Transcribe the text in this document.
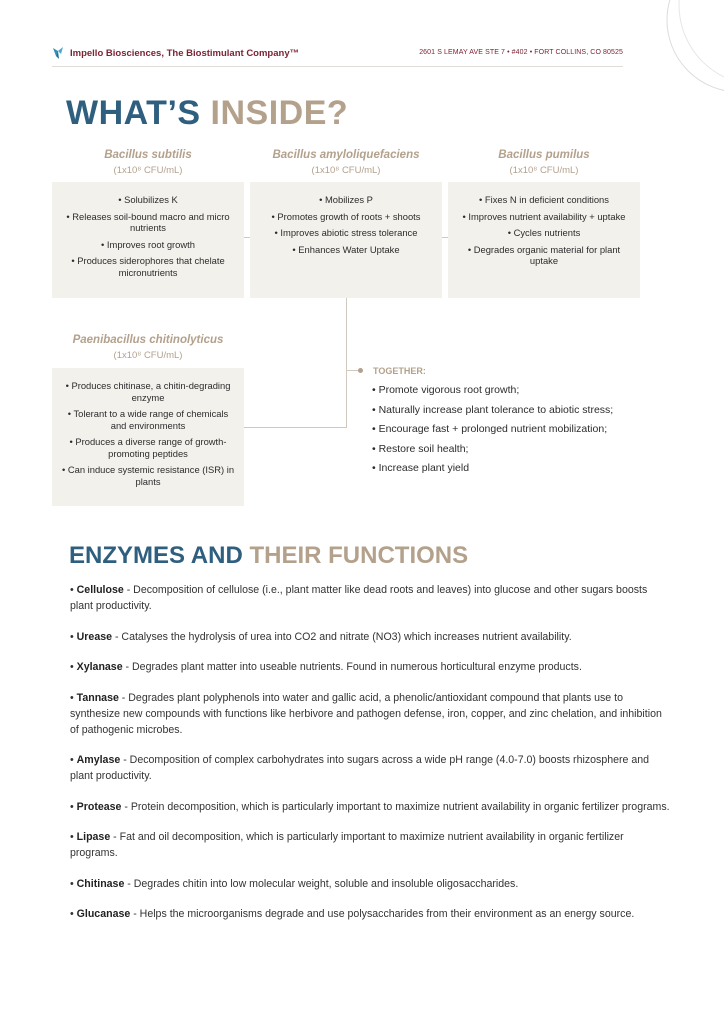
Impello Biosciences, The Biostimulant Company™	2601 S LEMAY AVE STE 7 • #402 • FORT COLLINS, CO 80525
WHAT’S INSIDE?
Bacillus subtilis
(1x10⁸ CFU/mL)
• Solubilizes K
• Releases soil-bound macro and micro nutrients
• Improves root growth
• Produces siderophores that chelate micronutrients
Bacillus amyloliquefaciens
(1x10⁸ CFU/mL)
• Mobilizes P
• Promotes growth of roots + shoots
• Improves abiotic stress tolerance
• Enhances Water Uptake
Bacillus pumilus
(1x10⁸ CFU/mL)
• Fixes N in deficient conditions
• Improves nutrient availability + uptake
• Cycles nutrients
• Degrades organic material for plant uptake
Paenibacillus chitinolyticus
(1x10⁸ CFU/mL)
• Produces chitinase, a chitin-degrading enzyme
• Tolerant to a wide range of chemicals and environments
• Produces a diverse range of growth-promoting peptides
• Can induce systemic resistance (ISR) in plants
TOGETHER:
• Promote vigorous root growth;
• Naturally increase plant tolerance to abiotic stress;
• Encourage fast + prolonged nutrient mobilization;
• Restore soil health;
• Increase plant yield
ENZYMES AND THEIR FUNCTIONS
• Cellulose - Decomposition of cellulose (i.e., plant matter like dead roots and leaves) into glucose and other sugars boosts plant productivity.
• Urease - Catalyses the hydrolysis of urea into CO2 and nitrate (NO3) which increases nutrient availability.
• Xylanase - Degrades plant matter into useable nutrients. Found in numerous horticultural enzyme products.
• Tannase - Degrades plant polyphenols into water and gallic acid, a phenolic/antioxidant compound that plants use to synthesize new compounds with functions like herbivore and pathogen defense, iron, copper, and zinc chelation, and inhibition of pathogenic microbes.
• Amylase - Decomposition of complex carbohydrates into sugars across a wide pH range (4.0-7.0) boosts rhizosphere and plant productivity.
• Protease - Protein decomposition, which is particularly important to maximize nutrient availability in organic fertilizer programs.
• Lipase - Fat and oil decomposition, which is particularly important to maximize nutrient availability in organic fertilizer programs.
• Chitinase - Degrades chitin into low molecular weight, soluble and insoluble oligosaccharides.
• Glucanase - Helps the microorganisms degrade and use polysaccharides from their environment as an energy source.
